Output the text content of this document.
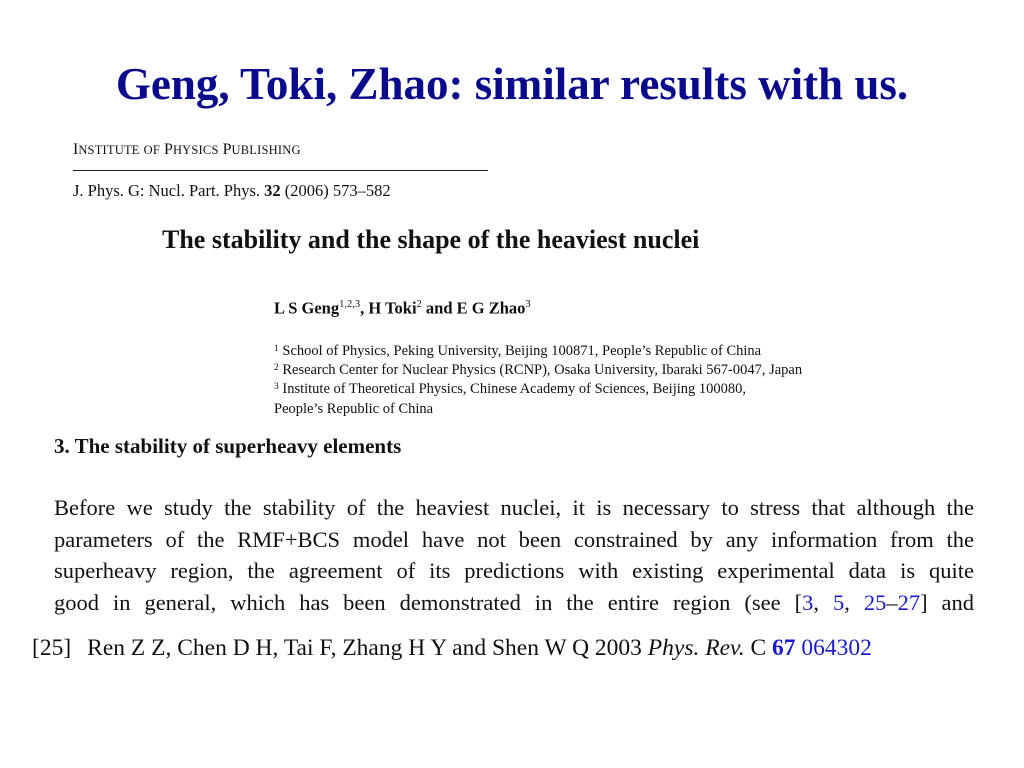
Geng, Toki, Zhao: similar results with us.
INSTITUTE OF PHYSICS PUBLISHING
J. Phys. G: Nucl. Part. Phys. 32 (2006) 573–582
The stability and the shape of the heaviest nuclei
L S Geng$^{1,2,3}$, H Toki$^2$ and E G Zhao$^3$
$^1$ School of Physics, Peking University, Beijing 100871, People’s Republic of China
$^2$ Research Center for Nuclear Physics (RCNP), Osaka University, Ibaraki 567-0047, Japan
$^3$ Institute of Theoretical Physics, Chinese Academy of Sciences, Beijing 100080,
People’s Republic of China
3. The stability of superheavy elements
Before we study the stability of the heaviest nuclei, it is necessary to stress that although the
parameters of the RMF+BCS model have not been constrained by any information from the
superheavy region, the agreement of its predictions with existing experimental data is quite
good in general, which has been demonstrated in the entire region (see [3, 5, 25–27] and
[25] Ren Z Z, Chen D H, Tai F, Zhang H Y and Shen W Q 2003 Phys. Rev. C 67 064302
